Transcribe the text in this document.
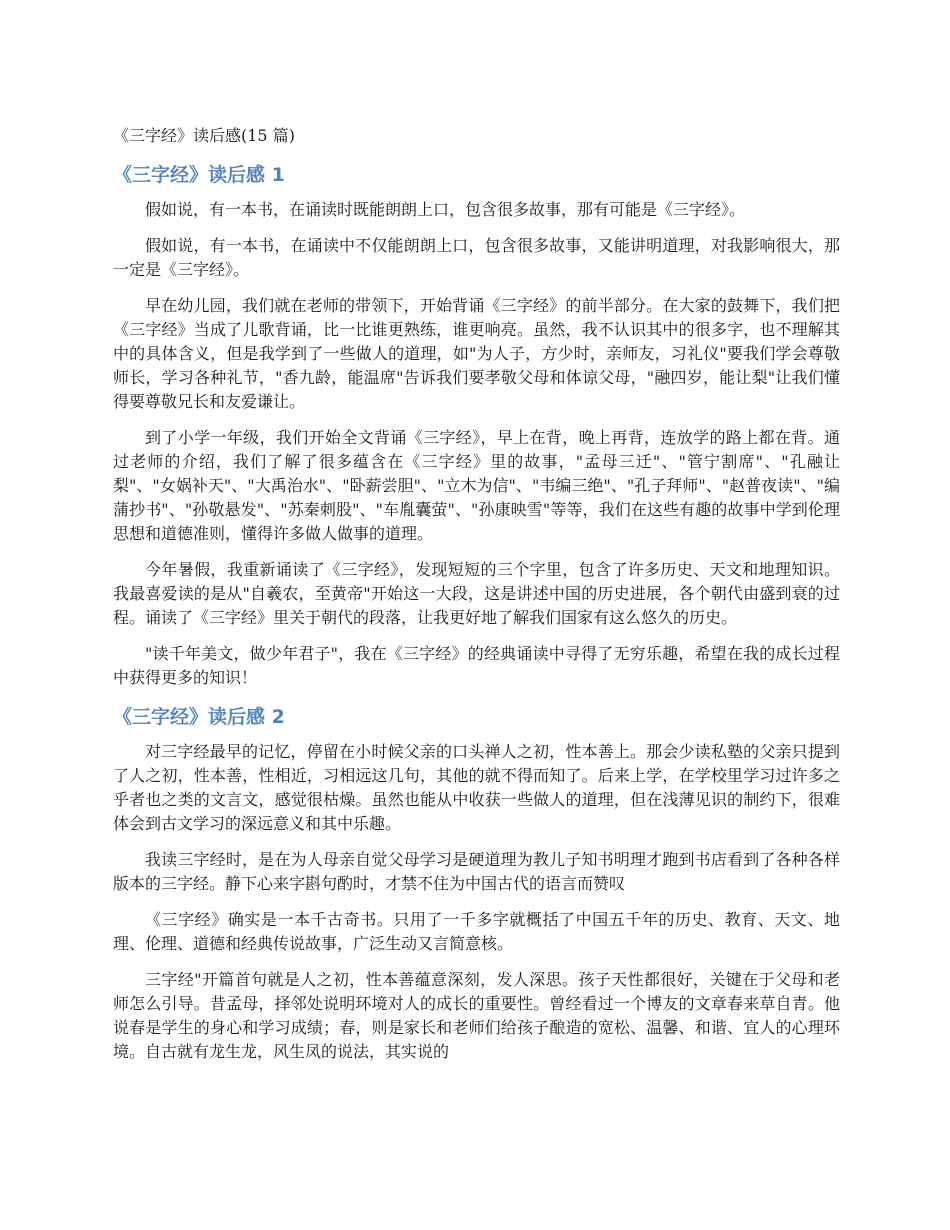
《三字经》读后感(15 篇)
《三字经》读后感 1

假如说，有一本书，在诵读时既能朗朗上口，包含很多故事，那有可能是《三字经》。

假如说，有一本书，在诵读中不仅能朗朗上口，包含很多故事，又能讲明道理，对我影响很大，那一定是《三字经》。

早在幼儿园，我们就在老师的带领下，开始背诵《三字经》的前半部分。在大家的鼓舞下，我们把《三字经》当成了儿歌背诵，比一比谁更熟练，谁更响亮。虽然，我不认识其中的很多字，也不理解其中的具体含义，但是我学到了一些做人的道理，如"为人子，方少时，亲师友，习礼仪"要我们学会尊敬师长，学习各种礼节，"香九龄，能温席"告诉我们要孝敬父母和体谅父母，"融四岁，能让梨"让我们懂得要尊敬兄长和友爱谦让。

到了小学一年级，我们开始全文背诵《三字经》，早上在背，晚上再背，连放学的路上都在背。通过老师的介绍，我们了解了很多蕴含在《三字经》里的故事，"孟母三迁"、"管宁割席"、"孔融让梨"、"女娲补天"、"大禹治水"、"卧薪尝胆"、"立木为信"、"韦编三绝"、"孔子拜师"、"赵普夜读"、"编蒲抄书"、"孙敬悬发"、"苏秦刺股"、"车胤囊萤"、"孙康映雪"等等，我们在这些有趣的故事中学到伦理思想和道德准则，懂得许多做人做事的道理。

今年暑假，我重新诵读了《三字经》，发现短短的三个字里，包含了许多历史、天文和地理知识。我最喜爱读的是从"自羲农，至黄帝"开始这一大段，这是讲述中国的历史进展，各个朝代由盛到衰的过程。诵读了《三字经》里关于朝代的段落，让我更好地了解我们国家有这么悠久的历史。

"读千年美文，做少年君子"，我在《三字经》的经典诵读中寻得了无穷乐趣，希望在我的成长过程中获得更多的知识！

《三字经》读后感 2

对三字经最早的记忆，停留在小时候父亲的口头禅人之初，性本善上。那会少读私塾的父亲只提到了人之初，性本善，性相近，习相远这几句，其他的就不得而知了。后来上学，在学校里学习过许多之乎者也之类的文言文，感觉很枯燥。虽然也能从中收获一些做人的道理，但在浅薄见识的制约下，很难体会到古文学习的深远意义和其中乐趣。

我读三字经时，是在为人母亲自觉父母学习是硬道理为教儿子知书明理才跑到书店看到了各种各样版本的三字经。静下心来字斟句酌时，才禁不住为中国古代的语言而赞叹

《三字经》确实是一本千古奇书。只用了一千多字就概括了中国五千年的历史、教育、天文、地理、伦理、道德和经典传说故事，广泛生动又言简意核。

三字经"开篇首句就是人之初，性本善蕴意深刻，发人深思。孩子天性都很好，关键在于父母和老师怎么引导。昔孟母，择邻处说明环境对人的成长的重要性。曾经看过一个博友的文章春来草自青。他说春是学生的身心和学习成绩；春，则是家长和老师们给孩子酿造的宽松、温馨、和谐、宜人的心理环境。自古就有龙生龙，风生凤的说法，其实说的
